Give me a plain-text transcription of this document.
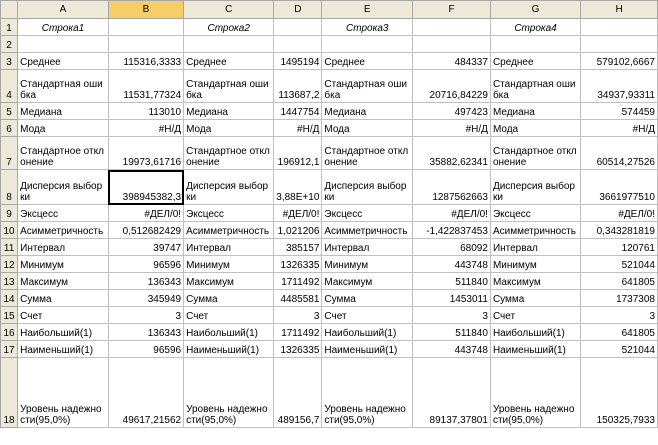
	A	B	C	D	E	F	G	H
1	Строка1		Строка2		Строка3		Строка4	
2								
3	Среднее	115316,3333	Среднее	1495194	Среднее	484337	Среднее	579102,6667
4	Стандартная ошибка	11531,77324	Стандартная ошибка	113687,2	Стандартная ошибка	20716,84229	Стандартная ошибка	34937,93311
5	Медиана	113010	Медиана	1447754	Медиана	497423	Медиана	574459
6	Мода	#Н/Д	Мода	#Н/Д	Мода	#Н/Д	Мода	#Н/Д
7	Стандартное отклонение	19973,61716	Стандартное отклонение	196912,1	Стандартное отклонение	35882,62341	Стандартное отклонение	60514,27526
8	Дисперсия выборки	398945382,3	Дисперсия выборки	3,88E+10	Дисперсия выборки	1287562663	Дисперсия выборки	3661977510
9	Эксцесс	#ДЕЛ/0!	Эксцесс	#ДЕЛ/0!	Эксцесс	#ДЕЛ/0!	Эксцесс	#ДЕЛ/0!
10	Асимметричность	0,512682429	Асимметричность	1,021206	Асимметричность	-1,422837453	Асимметричность	0,343281819
11	Интервал	39747	Интервал	385157	Интервал	68092	Интервал	120761
12	Минимум	96596	Минимум	1326335	Минимум	443748	Минимум	521044
13	Максимум	136343	Максимум	1711492	Максимум	511840	Максимум	641805
14	Сумма	345949	Сумма	4485581	Сумма	1453011	Сумма	1737308
15	Счет	3	Счет	3	Счет	3	Счет	3
16	Наибольший(1)	136343	Наибольший(1)	1711492	Наибольший(1)	511840	Наибольший(1)	641805
17	Наименьший(1)	96596	Наименьший(1)	1326335	Наименьший(1)	443748	Наименьший(1)	521044
18	Уровень надежности(95,0%)	49617,21562	Уровень надежности(95,0%)	489156,7	Уровень надежности(95,0%)	89137,37801	Уровень надежности(95,0%)	150325,7933
